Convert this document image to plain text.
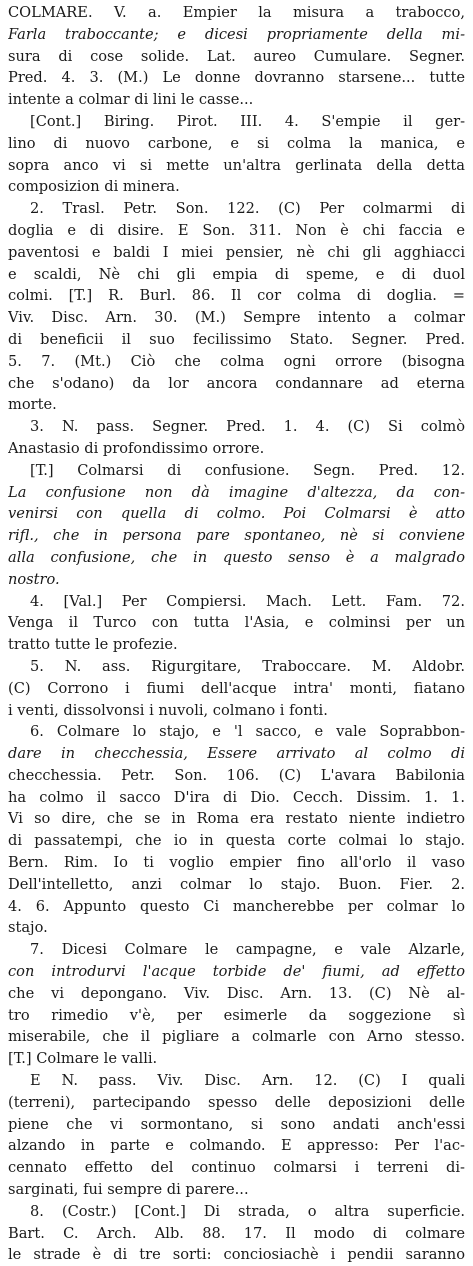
COLMARE. V. a. Empier la misura a trabocco,
Farla traboccante; e dicesi propriamente della mi-
sura di cose solide. Lat. aureo Cumulare. Segner.
Pred. 4. 3. (M.) Le donne dovranno starsene... tutte
intente a colmar di lini le casse...
[Cont.] Biring. Pirot. III. 4. S'empie il ger-
lino di nuovo carbone, e si colma la manica, e
sopra anco vi si mette un'altra gerlinata della detta
composizion di minera.
2. Trasl. Petr. Son. 122. (C) Per colmarmi di
doglia e di disire. E Son. 311. Non è chi faccia e
paventosi e baldi I miei pensier, nè chi gli agghiacci
e scaldi, Nè chi gli empia di speme, e di duol
colmi. [T.] R. Burl. 86. Il cor colma di doglia. =
Viv. Disc. Arn. 30. (M.) Sempre intento a colmar
di beneficii il suo fecilissimo Stato. Segner. Pred.
5. 7. (Mt.) Ciò che colma ogni orrore (bisogna
che s'odano) da lor ancora condannare ad eterna
morte.
3. N. pass. Segner. Pred. 1. 4. (C) Si colmò
Anastasio di profondissimo orrore.
[T.] Colmarsi di confusione. Segn. Pred. 12.
La confusione non dà imagine d'altezza, da con-
venirsi con quella di colmo. Poi Colmarsi è atto
rifl., che in persona pare spontaneo, nè si conviene
alla confusione, che in questo senso è a malgrado
nostro.
4. [Val.] Per Compiersi. Mach. Lett. Fam. 72.
Venga il Turco con tutta l'Asia, e colminsi per un
tratto tutte le profezie.
5. N. ass. Rigurgitare, Traboccare. M. Aldobr.
(C) Corrono i fiumi dell'acque intra' monti, fiatano
i venti, dissolvonsi i nuvoli, colmano i fonti.
6. Colmare lo stajo, e 'l sacco, e vale Soprabbon-
dare in checchessia, Essere arrivato al colmo di
checchessia. Petr. Son. 106. (C) L'avara Babilonia
ha colmo il sacco D'ira di Dio. Cecch. Dissim. 1. 1.
Vi so dire, che se in Roma era restato niente indietro
di passatempi, che io in questa corte colmai lo stajo.
Bern. Rim. Io ti voglio empier fino all'orlo il vaso
Dell'intelletto, anzi colmar lo stajo. Buon. Fier. 2.
4. 6. Appunto questo Ci mancherebbe per colmar lo
stajo.
7. Dicesi Colmare le campagne, e vale Alzarle,
con introdurvi l'acque torbide de' fiumi, ad effetto
che vi depongano. Viv. Disc. Arn. 13. (C) Nè al-
tro rimedio v'è, per esimerle da soggezione sì
miserabile, che il pigliare a colmarle con Arno stesso.
[T.] Colmare le valli.
E N. pass. Viv. Disc. Arn. 12. (C) I quali
(terreni), partecipando spesso delle deposizioni delle
piene che vi sormontano, si sono andati anch'essi
alzando in parte e colmando. E appresso: Per l'ac-
cennato effetto del continuo colmarsi i terreni di-
sarginati, fui sempre di parere...
8. (Costr.) [Cont.] Di strada, o altra superficie.
Bart. C. Arch. Alb. 88. 17. Il modo di colmare
le strade è di tre sorti: conciosiachè i pendii saranno
